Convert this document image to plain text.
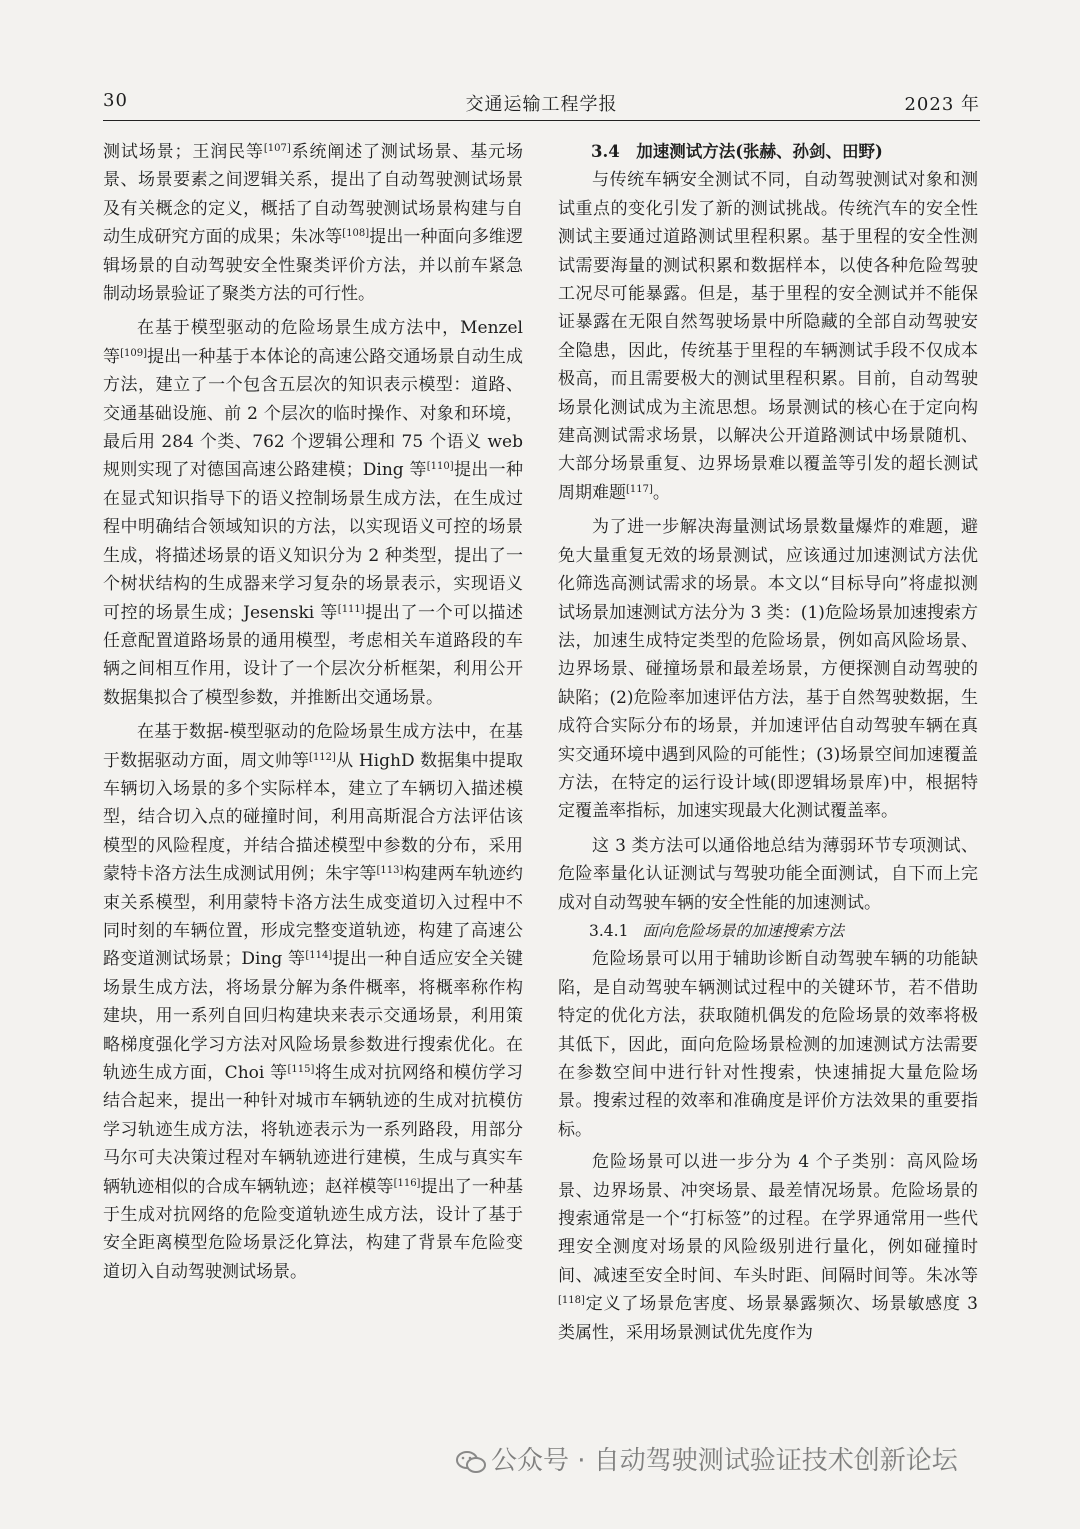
30	交通运输工程学报	2023 年

测试场景；王润民等[107]系统阐述了测试场景、基元场景、场景要素之间逻辑关系，提出了自动驾驶测试场景及有关概念的定义，概括了自动驾驶测试场景构建与自动生成研究方面的成果；朱冰等[108]提出一种面向多维逻辑场景的自动驾驶安全性聚类评价方法，并以前车紧急制动场景验证了聚类方法的可行性。

在基于模型驱动的危险场景生成方法中，Menzel 等[109]提出一种基于本体论的高速公路交通场景自动生成方法，建立了一个包含五层次的知识表示模型：道路、交通基础设施、前 2 个层次的临时操作、对象和环境，最后用 284 个类、762 个逻辑公理和 75 个语义 web 规则实现了对德国高速公路建模；Ding 等[110]提出一种在显式知识指导下的语义控制场景生成方法，在生成过程中明确结合领域知识的方法，以实现语义可控的场景生成，将描述场景的语义知识分为 2 种类型，提出了一个树状结构的生成器来学习复杂的场景表示，实现语义可控的场景生成；Jesenski 等[111]提出了一个可以描述任意配置道路场景的通用模型，考虑相关车道路段的车辆之间相互作用，设计了一个层次分析框架，利用公开数据集拟合了模型参数，并推断出交通场景。

在基于数据-模型驱动的危险场景生成方法中，在基于数据驱动方面，周文帅等[112]从 HighD 数据集中提取车辆切入场景的多个实际样本，建立了车辆切入描述模型，结合切入点的碰撞时间，利用高斯混合方法评估该模型的风险程度，并结合描述模型中参数的分布，采用蒙特卡洛方法生成测试用例；朱宇等[113]构建两车轨迹约束关系模型，利用蒙特卡洛方法生成变道切入过程中不同时刻的车辆位置，形成完整变道轨迹，构建了高速公路变道测试场景；Ding 等[114]提出一种自适应安全关键场景生成方法，将场景分解为条件概率，将概率称作构建块，用一系列自回归构建块来表示交通场景，利用策略梯度强化学习方法对风险场景参数进行搜索优化。在轨迹生成方面，Choi 等[115]将生成对抗网络和模仿学习结合起来，提出一种针对城市车辆轨迹的生成对抗模仿学习轨迹生成方法，将轨迹表示为一系列路段，用部分马尔可夫决策过程对车辆轨迹进行建模，生成与真实车辆轨迹相似的合成车辆轨迹；赵祥模等[116]提出了一种基于生成对抗网络的危险变道轨迹生成方法，设计了基于安全距离模型危险场景泛化算法，构建了背景车危险变道切入自动驾驶测试场景。

3.4　加速测试方法(张赫、孙剑、田野)

与传统车辆安全测试不同，自动驾驶测试对象和测试重点的变化引发了新的测试挑战。传统汽车的安全性测试主要通过道路测试里程积累。基于里程的安全性测试需要海量的测试积累和数据样本，以使各种危险驾驶工况尽可能暴露。但是，基于里程的安全测试并不能保证暴露在无限自然驾驶场景中所隐藏的全部自动驾驶安全隐患，因此，传统基于里程的车辆测试手段不仅成本极高，而且需要极大的测试里程积累。目前，自动驾驶场景化测试成为主流思想。场景测试的核心在于定向构建高测试需求场景，以解决公开道路测试中场景随机、大部分场景重复、边界场景难以覆盖等引发的超长测试周期难题[117]。

为了进一步解决海量测试场景数量爆炸的难题，避免大量重复无效的场景测试，应该通过加速测试方法优化筛选高测试需求的场景。本文以“目标导向”将虚拟测试场景加速测试方法分为 3 类：(1)危险场景加速搜索方法，加速生成特定类型的危险场景，例如高风险场景、边界场景、碰撞场景和最差场景，方便探测自动驾驶的缺陷；(2)危险率加速评估方法，基于自然驾驶数据，生成符合实际分布的场景，并加速评估自动驾驶车辆在真实交通环境中遇到风险的可能性；(3)场景空间加速覆盖方法，在特定的运行设计域(即逻辑场景库)中，根据特定覆盖率指标，加速实现最大化测试覆盖率。

这 3 类方法可以通俗地总结为薄弱环节专项测试、危险率量化认证测试与驾驶功能全面测试，自下而上完成对自动驾驶车辆的安全性能的加速测试。

3.4.1 面向危险场景的加速搜索方法

危险场景可以用于辅助诊断自动驾驶车辆的功能缺陷，是自动驾驶车辆测试过程中的关键环节，若不借助特定的优化方法，获取随机偶发的危险场景的效率将极其低下，因此，面向危险场景检测的加速测试方法需要在参数空间中进行针对性搜索，快速捕捉大量危险场景。搜索过程的效率和准确度是评价方法效果的重要指标。

危险场景可以进一步分为 4 个子类别：高风险场景、边界场景、冲突场景、最差情况场景。危险场景的搜索通常是一个“打标签”的过程。在学界通常用一些代理安全测度对场景的风险级别进行量化，例如碰撞时间、减速至安全时间、车头时距、间隔时间等。朱冰等[118]定义了场景危害度、场景暴露频次、场景敏感度 3 类属性，采用场景测试优先度作为

公众号 · 自动驾驶测试验证技术创新论坛
